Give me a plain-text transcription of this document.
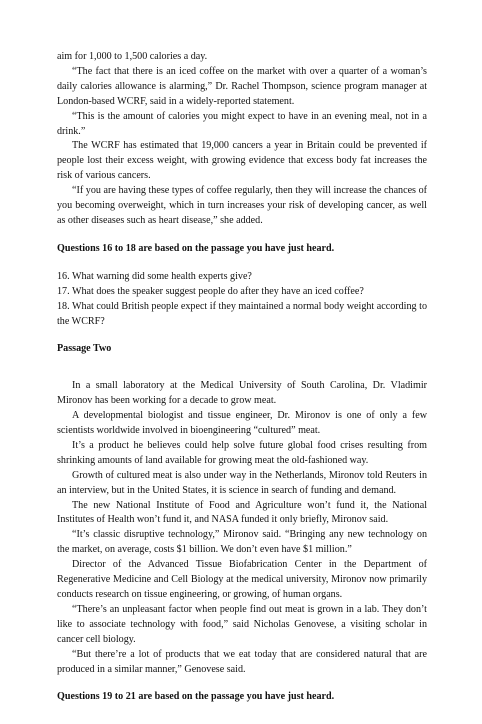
aim for 1,000 to 1,500 calories a day.

“The fact that there is an iced coffee on the market with over a quarter of a woman’s daily calories allowance is alarming,” Dr. Rachel Thompson, science program manager at London-based WCRF, said in a widely-reported statement.

“This is the amount of calories you might expect to have in an evening meal, not in a drink.”

The WCRF has estimated that 19,000 cancers a year in Britain could be prevented if people lost their excess weight, with growing evidence that excess body fat increases the risk of various cancers.

“If you are having these types of coffee regularly, then they will increase the chances of you becoming overweight, which in turn increases your risk of developing cancer, as well as other diseases such as heart disease,” she added.

Questions 16 to 18 are based on the passage you have just heard.

16. What warning did some health experts give?

17. What does the speaker suggest people do after they have an iced coffee?

18. What could British people expect if they maintained a normal body weight according to the WCRF?

Passage Two

In a small laboratory at the Medical University of South Carolina, Dr. Vladimir Mironov has been working for a decade to grow meat.

A developmental biologist and tissue engineer, Dr. Mironov is one of only a few scientists worldwide involved in bioengineering “cultured” meat.

It’s a product he believes could help solve future global food crises resulting from shrinking amounts of land available for growing meat the old-fashioned way.

Growth of cultured meat is also under way in the Netherlands, Mironov told Reuters in an interview, but in the United States, it is science in search of funding and demand.

The new National Institute of Food and Agriculture won’t fund it, the National Institutes of Health won’t fund it, and NASA funded it only briefly, Mironov said.

“It’s classic disruptive technology,” Mironov said. “Bringing any new technology on the market, on average, costs $1 billion. We don’t even have $1 million.”

Director of the Advanced Tissue Biofabrication Center in the Department of Regenerative Medicine and Cell Biology at the medical university, Mironov now primarily conducts research on tissue engineering, or growing, of human organs.

“There’s an unpleasant factor when people find out meat is grown in a lab. They don’t like to associate technology with food,” said Nicholas Genovese, a visiting scholar in cancer cell biology.

“But there’re a lot of products that we eat today that are considered natural that are produced in a similar manner,” Genovese said.

Questions 19 to 21 are based on the passage you have just heard.
